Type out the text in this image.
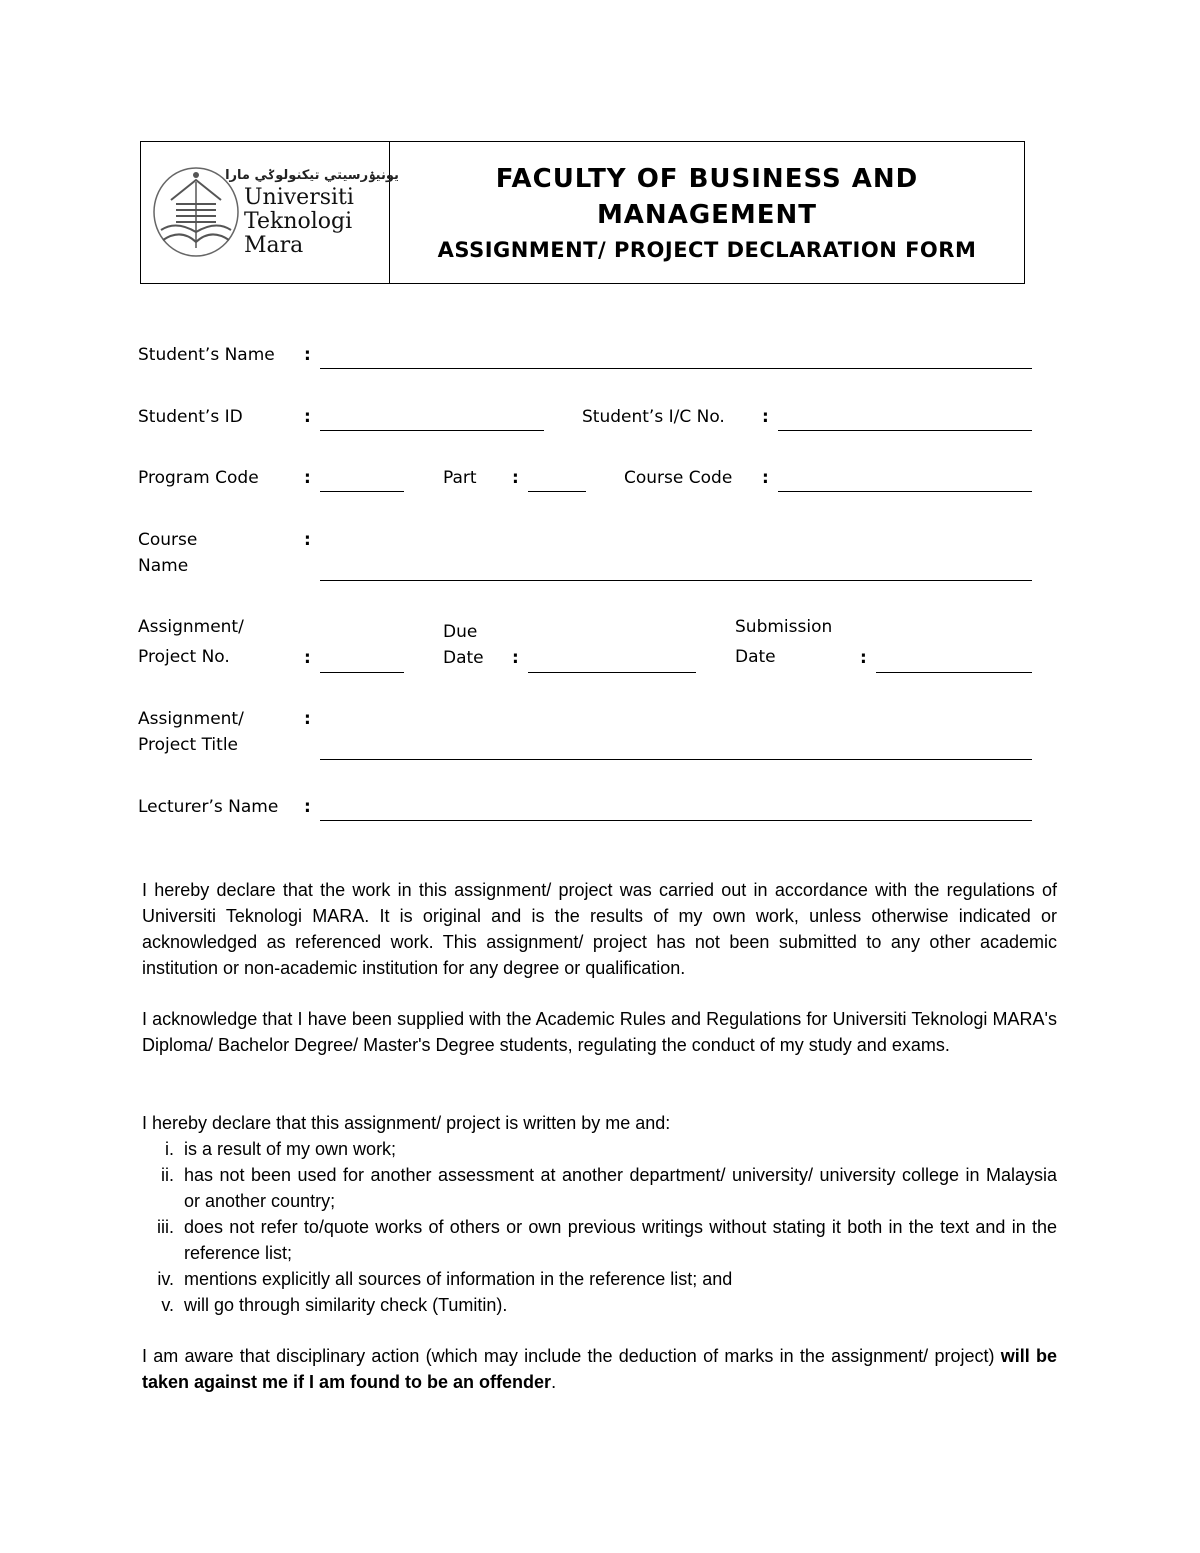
يونيۏرسيتي تيكنولوݢي مارا
Universiti
Teknologi
Mara
FACULTY OF BUSINESS AND
MANAGEMENT
ASSIGNMENT/ PROJECT DECLARATION FORM
Student’s Name :
Student’s ID	:	Student’s I/C No. :
Program Code	:	Part :	Course Code :
Course
Name
:
Assignment/
Project No.	:
Due
Date :
Submission
Date	:
Assignment/
Project Title
:
Lecturer’s Name :

I hereby declare that the work in this assignment/ project was carried out in accordance with the regulations of Universiti Teknologi MARA. It is original and is the results of my own work, unless otherwise indicated or acknowledged as referenced work. This assignment/ project has not been submitted to any other academic institution or non-academic institution for any degree or qualification.

I acknowledge that I have been supplied with the Academic Rules and Regulations for Universiti Teknologi MARA's Diploma/ Bachelor Degree/ Master's Degree students, regulating the conduct of my study and exams.

I hereby declare that this assignment/ project is written by me and:

i. is a result of my own work;
ii. has not been used for another assessment at another department/ university/ university college in Malaysia or another country;
iii. does not refer to/quote works of others or own previous writings without stating it both in the text and in the reference list;
iv. mentions explicitly all sources of information in the reference list; and
v. will go through similarity check (Tumitin).

I am aware that disciplinary action (which may include the deduction of marks in the assignment/ project) will be taken against me if I am found to be an offender.
